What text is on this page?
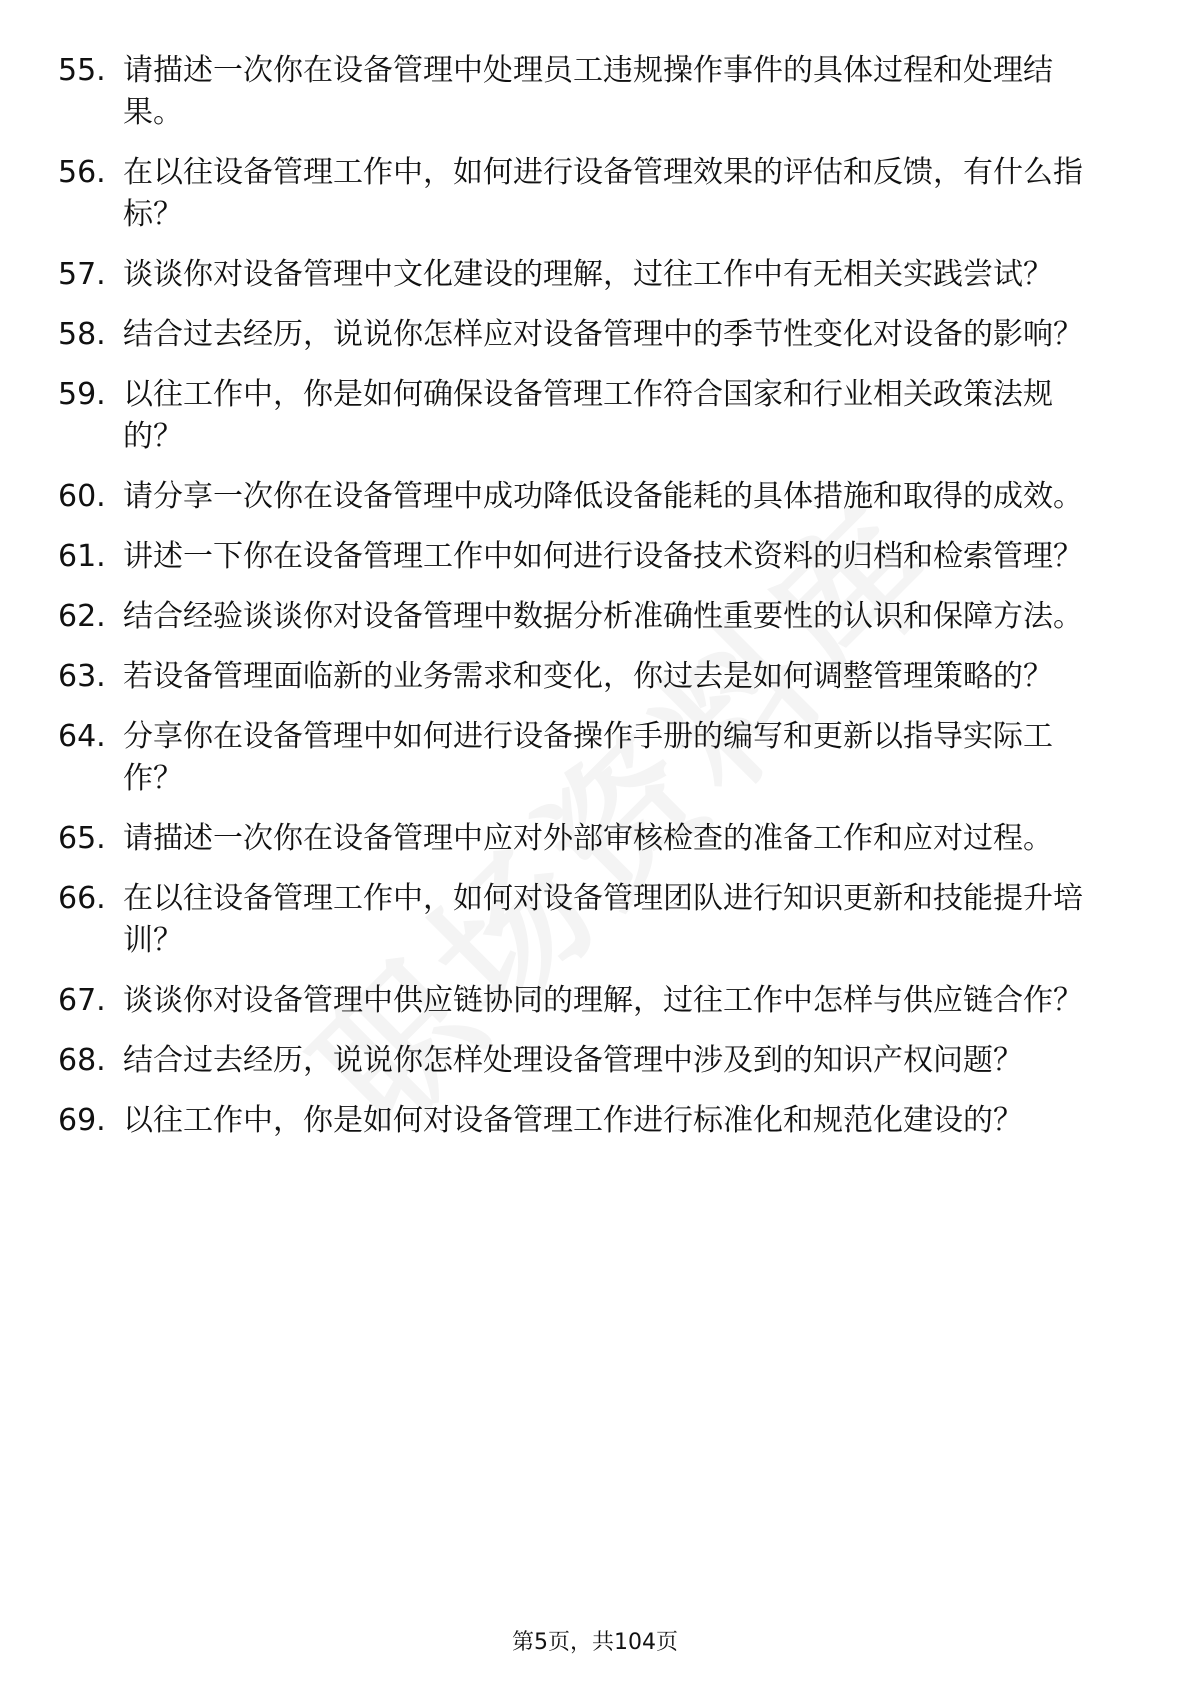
55. 请描述一次你在设备管理中处理员工违规操作事件的具体过程和处理结果。
56. 在以往设备管理工作中，如何进行设备管理效果的评估和反馈，有什么指标？
57. 谈谈你对设备管理中文化建设的理解，过往工作中有无相关实践尝试？
58. 结合过去经历，说说你怎样应对设备管理中的季节性变化对设备的影响？
59. 以往工作中，你是如何确保设备管理工作符合国家和行业相关政策法规的？
60. 请分享一次你在设备管理中成功降低设备能耗的具体措施和取得的成效。
61. 讲述一下你在设备管理工作中如何进行设备技术资料的归档和检索管理？
62. 结合经验谈谈你对设备管理中数据分析准确性重要性的认识和保障方法。
63. 若设备管理面临新的业务需求和变化，你过去是如何调整管理策略的？
64. 分享你在设备管理中如何进行设备操作手册的编写和更新以指导实际工作？
65. 请描述一次你在设备管理中应对外部审核检查的准备工作和应对过程。
66. 在以往设备管理工作中，如何对设备管理团队进行知识更新和技能提升培训？
67. 谈谈你对设备管理中供应链协同的理解，过往工作中怎样与供应链合作？
68. 结合过去经历，说说你怎样处理设备管理中涉及到的知识产权问题？
69. 以往工作中，你是如何对设备管理工作进行标准化和规范化建设的？
第5页，共104页
